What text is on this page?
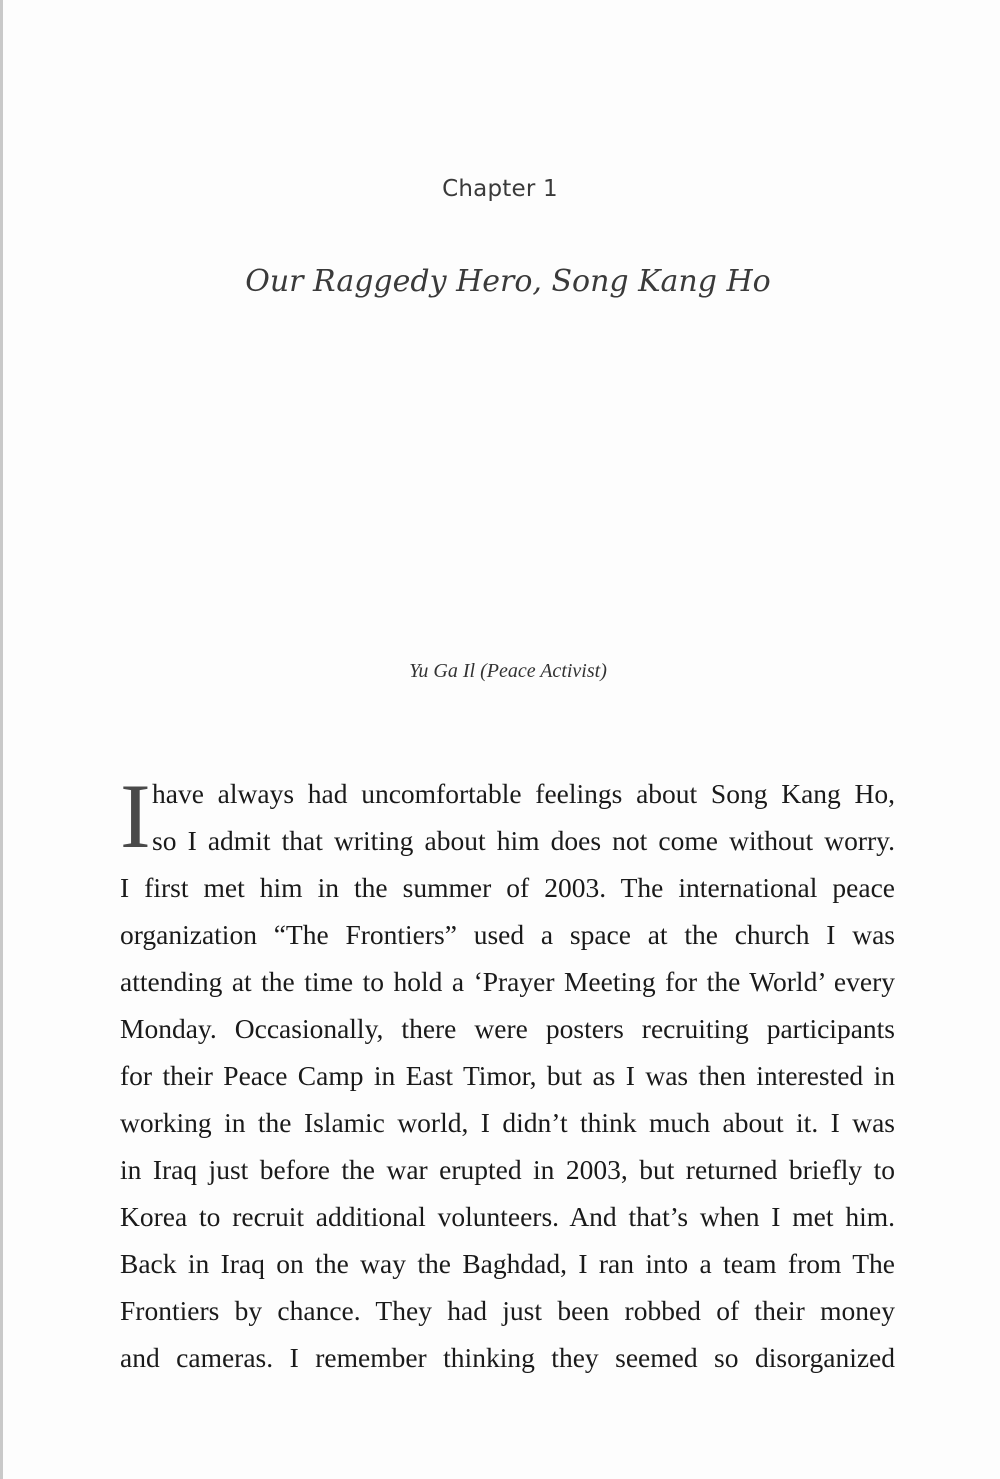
Chapter 1
Our Raggedy Hero, Song Kang Ho
Yu Ga Il (Peace Activist)
I have always had uncomfortable feelings about Song Kang Ho,
so I admit that writing about him does not come without worry.
I first met him in the summer of 2003. The international peace
organization “The Frontiers” used a space at the church I was
attending at the time to hold a ‘Prayer Meeting for the World’ every
Monday. Occasionally, there were posters recruiting participants
for their Peace Camp in East Timor, but as I was then interested in
working in the Islamic world, I didn’t think much about it. I was
in Iraq just before the war erupted in 2003, but returned briefly to
Korea to recruit additional volunteers. And that’s when I met him.
Back in Iraq on the way the Baghdad, I ran into a team from The
Frontiers by chance. They had just been robbed of their money
and cameras. I remember thinking they seemed so disorganized
